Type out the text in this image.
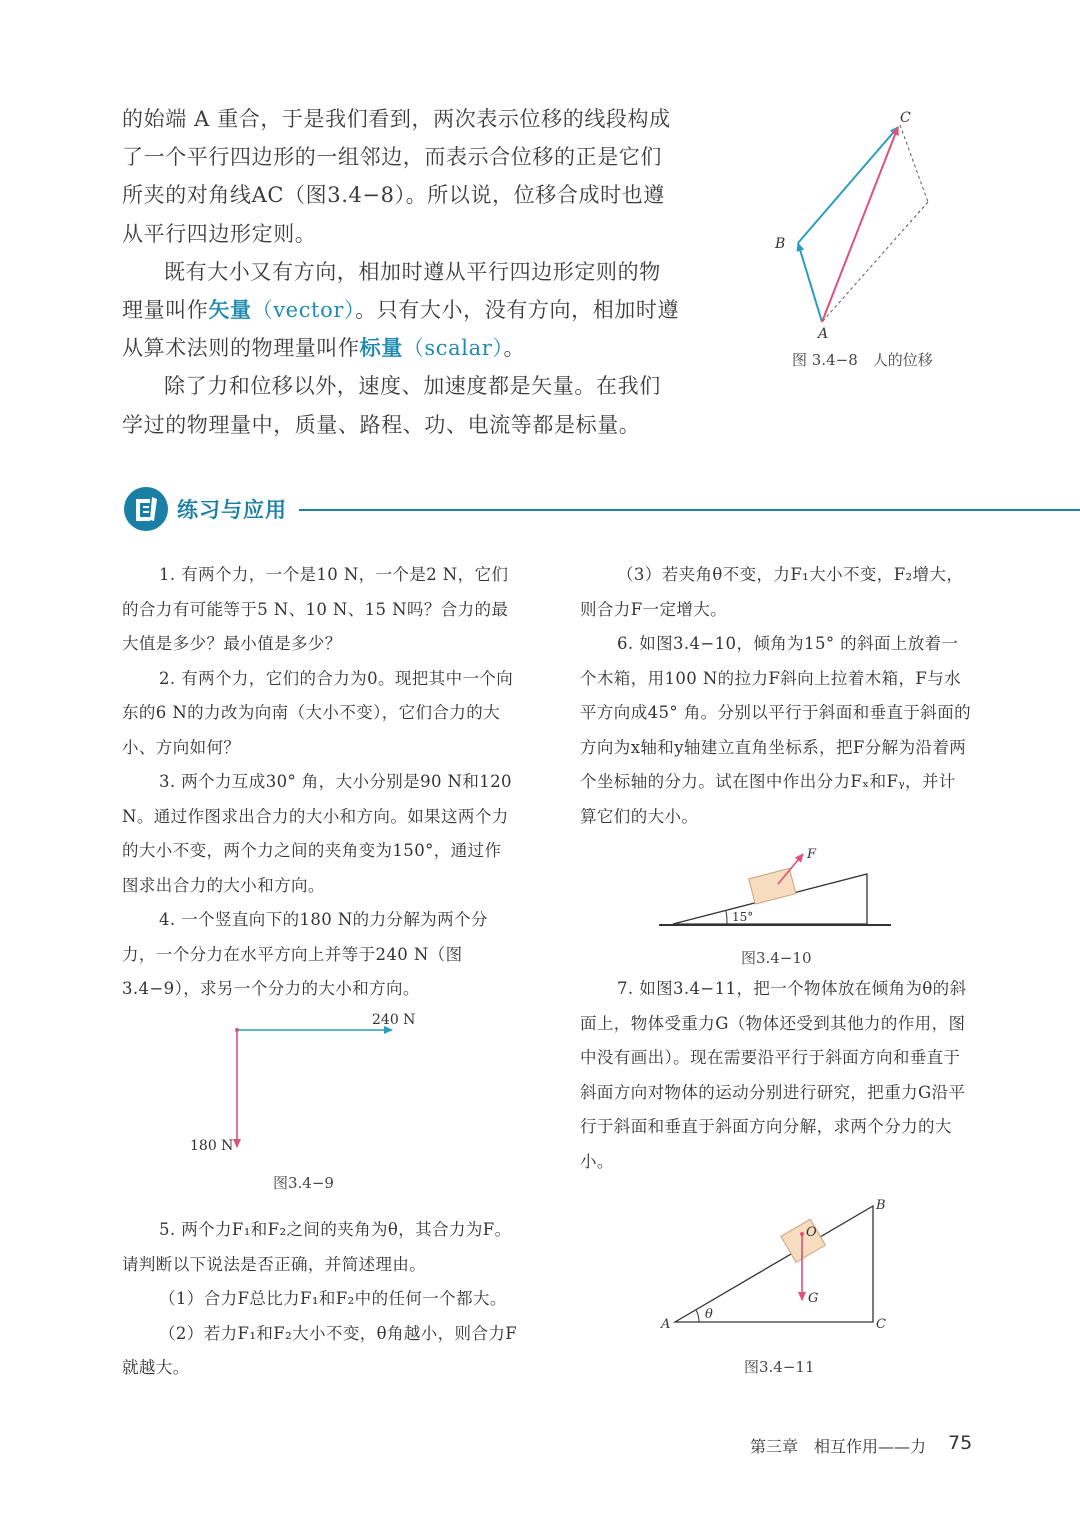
的始端 A 重合，于是我们看到，两次表示位移的线段构成了一个平行四边形的一组邻边，而表示合位移的正是它们所夹的对角线AC（图3.4−8）。所以说，位移合成时也遵从平行四边形定则。

既有大小又有方向，相加时遵从平行四边形定则的物理量叫作矢量（vector）。只有大小，没有方向，相加时遵从算术法则的物理量叫作标量（scalar）。

除了力和位移以外，速度、加速度都是矢量。在我们学过的物理量中，质量、路程、功、电流等都是标量。

A
B
C
图 3.4−8　人的位移
练习与应用

1. 有两个力，一个是10 N，一个是2 N，它们的合力有可能等于5 N、10 N、15 N吗？合力的最大值是多少？最小值是多少？

2. 有两个力，它们的合力为0。现把其中一个向东的6 N的力改为向南（大小不变），它们合力的大小、方向如何？

3. 两个力互成30° 角，大小分别是90 N和120 N。通过作图求出合力的大小和方向。如果这两个力的大小不变，两个力之间的夹角变为150°，通过作图求出合力的大小和方向。

4. 一个竖直向下的180 N的力分解为两个分力，一个分力在水平方向上并等于240 N（图3.4−9），求另一个分力的大小和方向。

240 N
180 N
图3.4−9

5. 两个力F₁和F₂之间的夹角为θ，其合力为F。请判断以下说法是否正确，并简述理由。

（1）合力F总比力F₁和F₂中的任何一个都大。

（2）若力F₁和F₂大小不变，θ角越小，则合力F就越大。

（3）若夹角θ不变，力F₁大小不变，F₂增大，则合力F一定增大。

6. 如图3.4−10，倾角为15° 的斜面上放着一个木箱，用100 N的拉力F斜向上拉着木箱，F与水平方向成45° 角。分别以平行于斜面和垂直于斜面的方向为x轴和y轴建立直角坐标系，把F分解为沿着两个坐标轴的分力。试在图中作出分力Fₓ和Fᵧ，并计算它们的大小。

F
15°
图3.4−10

7. 如图3.4−11，把一个物体放在倾角为θ的斜面上，物体受重力G（物体还受到其他力的作用，图中没有画出）。现在需要沿平行于斜面方向和垂直于斜面方向对物体的运动分别进行研究，把重力G沿平行于斜面和垂直于斜面方向分解，求两个分力的大小。

O
G
θ
A
B
C
图3.4−11
第三章　相互作用——力 75
